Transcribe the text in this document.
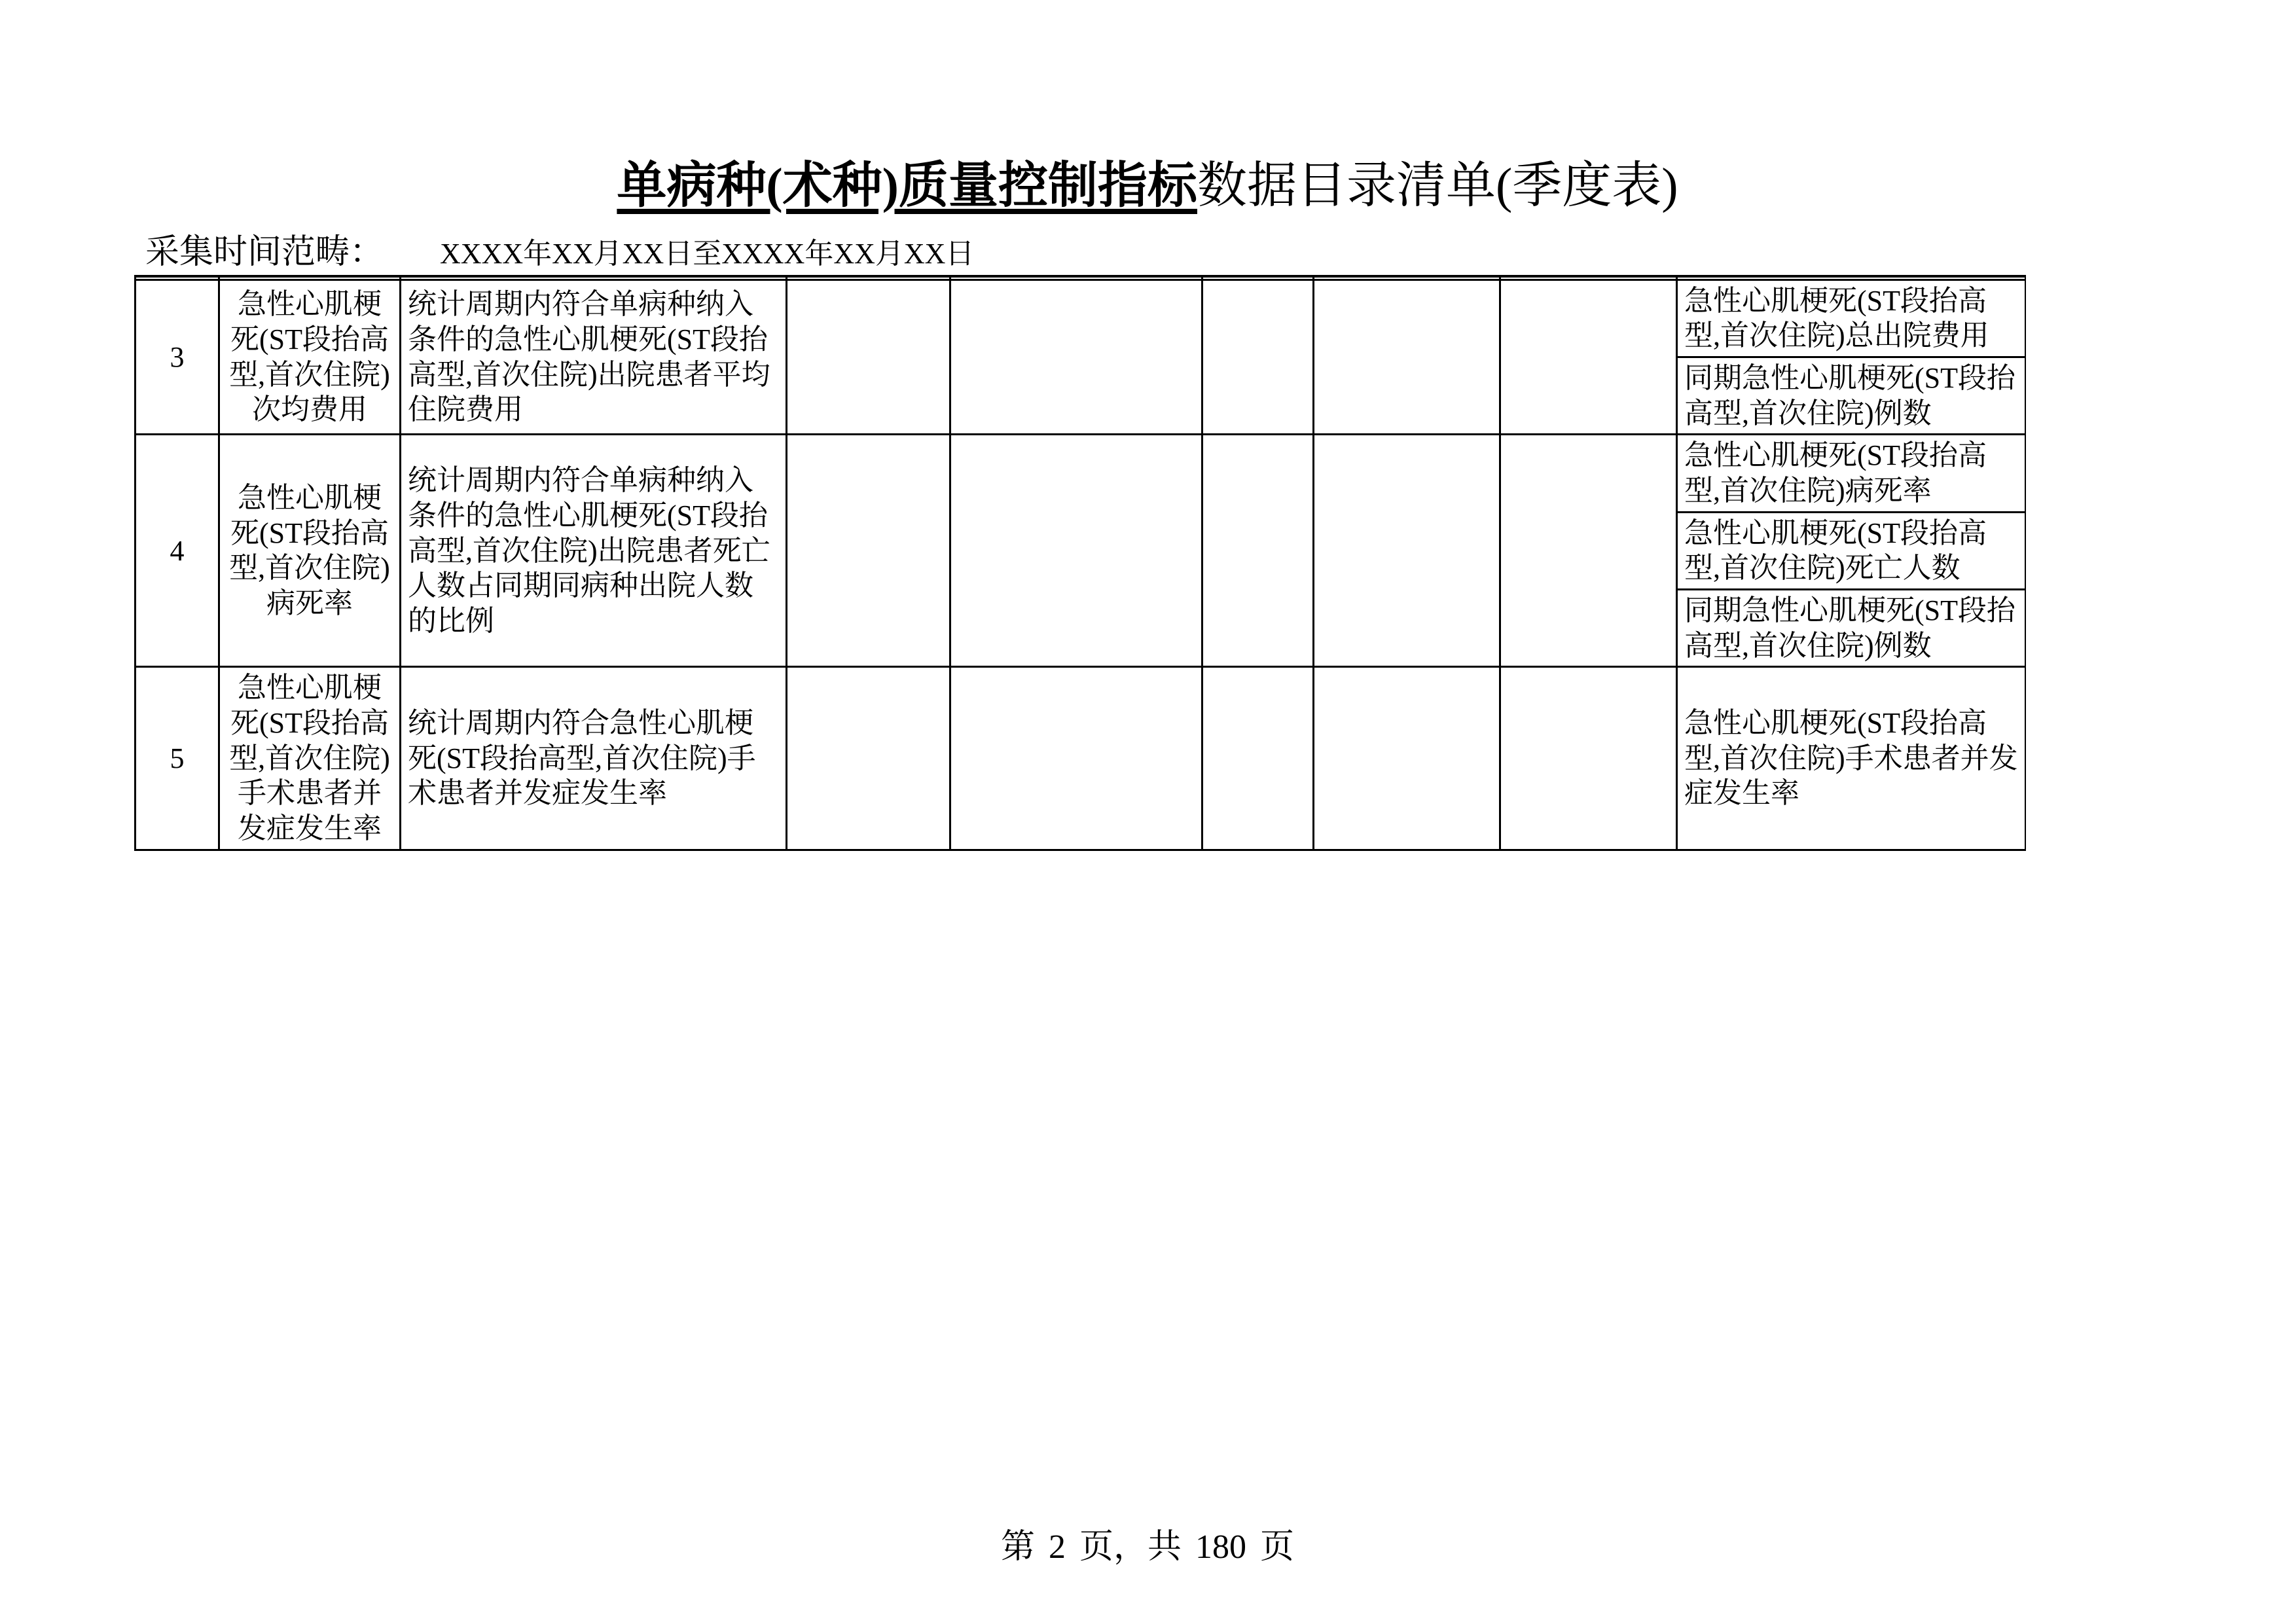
单病种(术种)质量控制指标数据目录清单(季度表)
采集时间范畴： XXXX年XX月XX日至XXXX年XX月XX日

3	急性心肌梗死(ST段抬高型,首次住院)次均费用	统计周期内符合单病种纳入条件的急性心肌梗死(ST段抬高型,首次住院)出院患者平均住院费用						急性心肌梗死(ST段抬高型,首次住院)总出院费用
								同期急性心肌梗死(ST段抬高型,首次住院)例数
4	急性心肌梗死(ST段抬高型,首次住院)病死率	统计周期内符合单病种纳入条件的急性心肌梗死(ST段抬高型,首次住院)出院患者死亡人数占同期同病种出院人数的比例						急性心肌梗死(ST段抬高型,首次住院)病死率
								急性心肌梗死(ST段抬高型,首次住院)死亡人数
								同期急性心肌梗死(ST段抬高型,首次住院)例数
5	急性心肌梗死(ST段抬高型,首次住院)手术患者并发症发生率	统计周期内符合急性心肌梗死(ST段抬高型,首次住院)手术患者并发症发生率						急性心肌梗死(ST段抬高型,首次住院)手术患者并发症发生率
第 2 页，共 180 页
